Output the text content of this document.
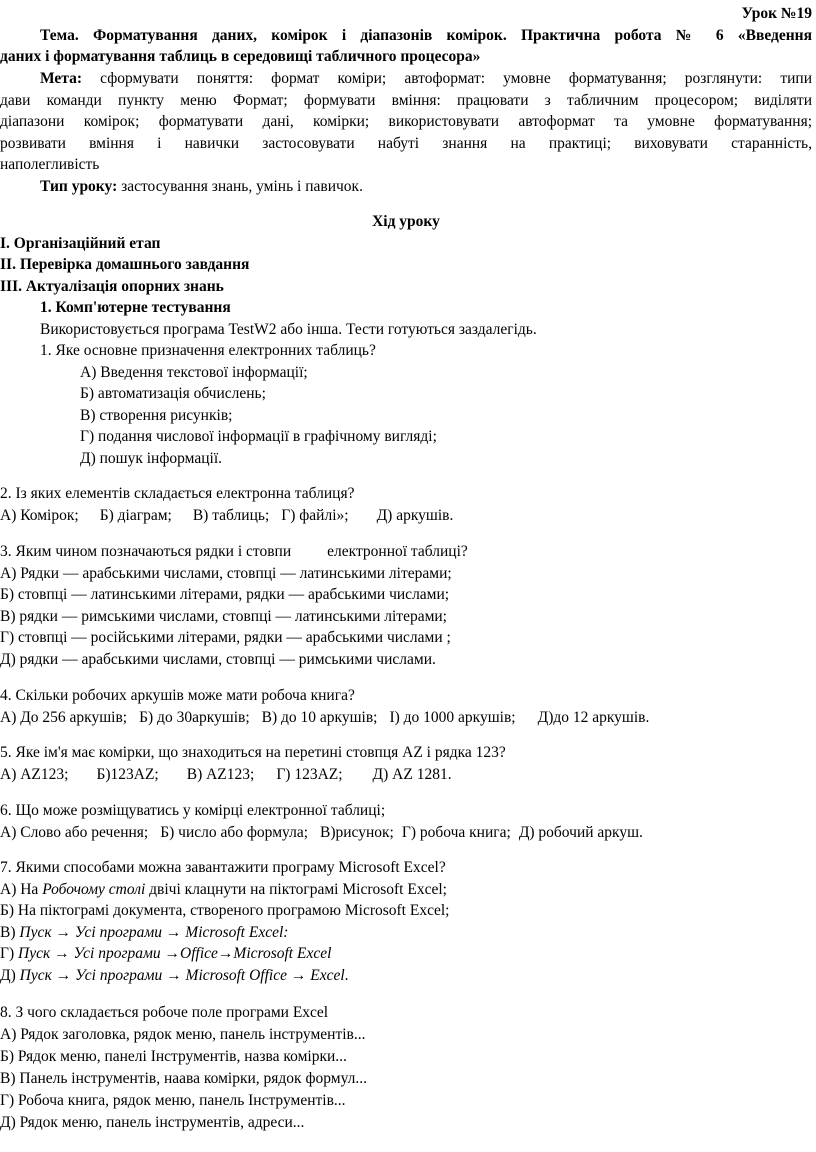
Урок №19
Тема. Форматування даних, комірок і діапазонів комірок. Практична робота № 6 «Введення
даних і форматування таблиць в середовищі табличного процесора»
Мета: сформувати поняття: формат коміри; автоформат: умовне форматування; розглянути: типи
дави команди пункту меню Формат; формувати вміння: працювати з табличним процесором; виділяти
діапазони комірок; форматувати дані, комірки; використовувати автоформат та умовне форматування;
розвивати вміння і навички застосовувати набуті знання на практиці; виховувати старанність,
наполегливість
Тип уроку: застосування знань, умінь і павичок.
Хід уроку
I. Організаційний етап
II. Перевірка домашнього завдання
III. Актуалізація опорних знань
1. Комп'ютерне тестування
Використовується програма TestW2 або інша. Тести готуються заздалегідь.
1. Яке основне призначення електронних таблиць?
А) Введення текстової інформації;
Б) автоматизація обчислень;
В) створення рисунків;
Г) подання числової інформації в графічному вигляді;
Д) пошук інформації.
2. Із яких елементів складається електронна таблиця?
А) Комірок; Б) діаграм; В) таблиць; Г) файлі»; Д) аркушів.
3. Яким чином позначаються рядки і стовпи електронної таблиці?
А) Рядки — арабськими числами, стовпці — латинськими літерами;
Б) стовпці — латинськими літерами, рядки — арабськими числами;
В) рядки — римськими числами, стовпці — латинськими літерами;
Г) стовпці — російськими літерами, рядки — арабськими числами ;
Д) рядки — арабськими числами, стовпці — римськими числами.
4. Скільки робочих аркушів може мати робоча книга?
А) До 256 аркушів; Б) до 30аркушів; В) до 10 аркушів; І) до 1000 аркушів; Д)до 12 аркушів.
5. Яке ім'я має комірки, що знаходиться на перетині стовпця AZ і рядка 123?
А) AZ123; Б)123AZ; В) AZ123; Г) 123AZ; Д) AZ 1281.
6. Що може розміщуватись у комірці електронної таблиці;
А) Слово або речення; Б) число або формула; В)рисунок; Г) робоча книга; Д) робочий аркуш.
7. Якими способами можна завантажити програму Microsoft Excel?
А) На Робочому столі двічі клацнути на піктограмі Microsoft Excel;
Б) На піктограмі документа, створеного програмою Microsoft Excel;
В) Пуск → Усі програми → Microsoft Excel:
Г) Пуск → Усі програми →Office→Microsoft Excel
Д) Пуск → Усі програми → Microsoft Office → Excel.
8. З чого складається робоче поле програми Excel
А) Рядок заголовка, рядок меню, панель інструментів...
Б) Рядок меню, панелі Інструментів, назва комірки...
В) Панель інструментів, наава комірки, рядок формул...
Г) Робоча книга, рядок меню, панель Інструментів...
Д) Рядок меню, панель інструментів, адреси...
